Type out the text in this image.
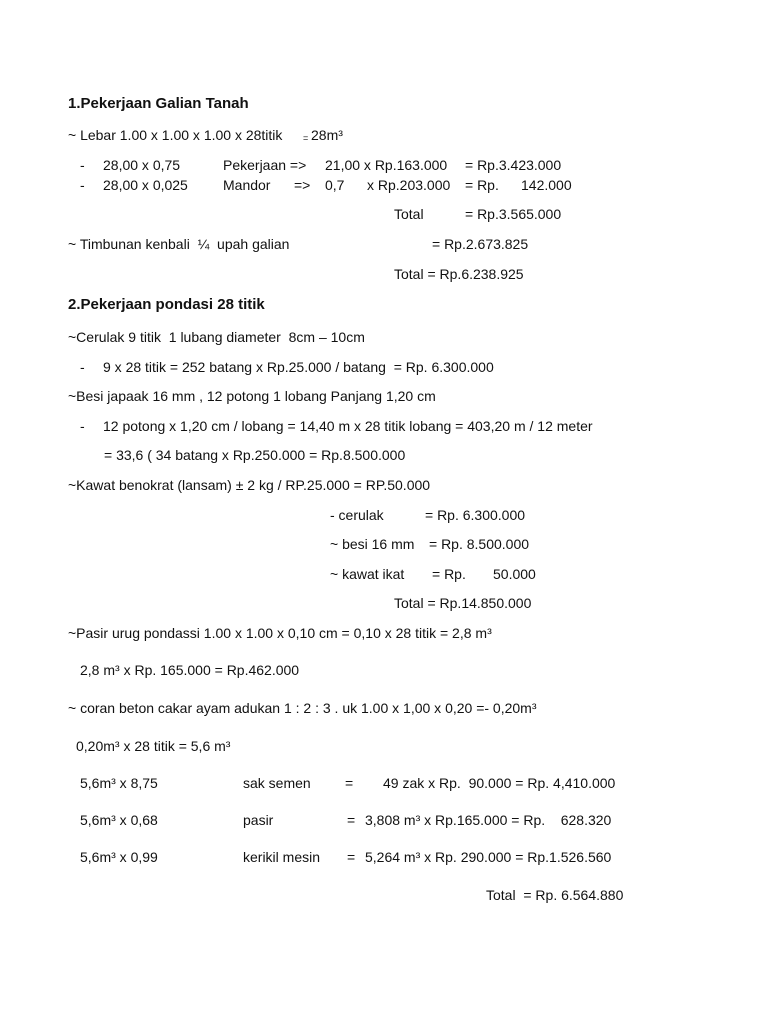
1.Pekerjaan Galian Tanah
~ Lebar 1.00 x 1.00 x 1.00 x 28titik = 28m³
- 28,00 x 0,75	Pekerjaan => 21,00 x Rp.163.000 = Rp.3.423.000
- 28,00 x 0,025	Mandor => 0,7 x Rp.203.000 = Rp. 142.000
Total	= Rp.3.565.000
~ Timbunan kenbali  ¼  upah galian	= Rp.2.673.825
Total = Rp.6.238.925
2.Pekerjaan pondasi 28 titik
~Cerulak 9 titik  1 lubang diameter  8cm – 10cm
- 9 x 28 titik = 252 batang x Rp.25.000 / batang  = Rp. 6.300.000
~Besi japaak 16 mm , 12 potong 1 lobang Panjang 1,20 cm
- 12 potong x 1,20 cm / lobang = 14,40 m x 28 titik lobang = 403,20 m / 12 meter
= 33,6 ( 34 batang x Rp.250.000 = Rp.8.500.000
~Kawat benokrat (lansam) ± 2 kg / RP.25.000 = RP.50.000
- cerulak	= Rp. 6.300.000
~ besi 16 mm = Rp. 8.500.000
~ kawat ikat = Rp. 50.000
Total = Rp.14.850.000
~Pasir urug pondassi 1.00 x 1.00 x 0,10 cm = 0,10 x 28 titik = 2,8 m³
2,8 m³ x Rp. 165.000 = Rp.462.000
~ coran beton cakar ayam adukan 1 : 2 : 3 . uk 1.00 x 1,00 x 0,20 =- 0,20m³
0,20m³ x 28 titik = 5,6 m³
5,6m³ x 8,75	sak semen = 49 zak x Rp.  90.000 = Rp. 4,410.000
5,6m³ x 0,68	pasir	= 3,808 m³ x Rp.165.000 = Rp.    628.320
5,6m³ x 0,99	kerikil mesin = 5,264 m³ x Rp. 290.000 = Rp.1.526.560
Total  = Rp. 6.564.880
